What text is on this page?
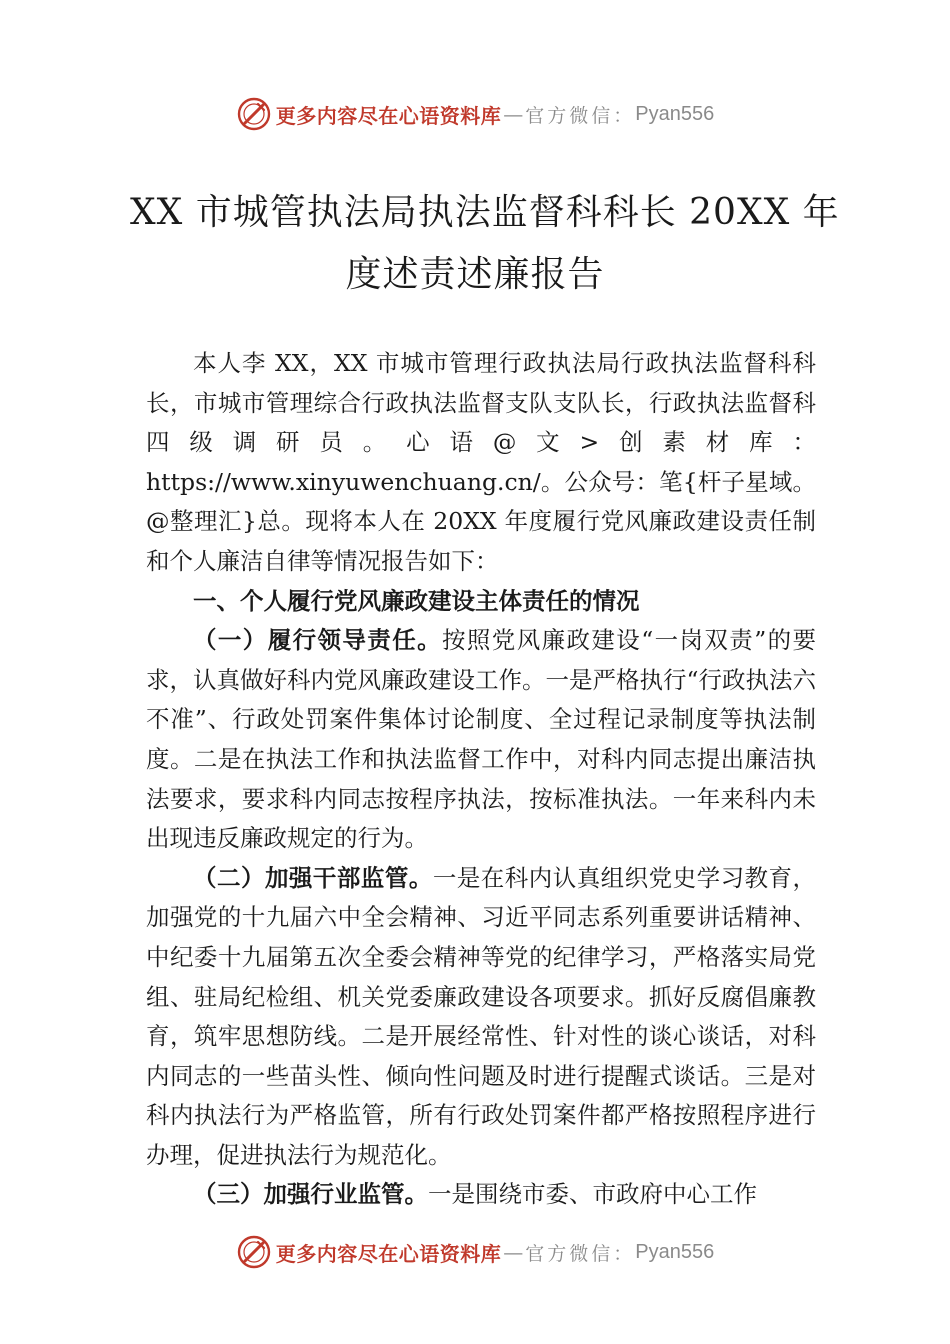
更多内容尽在心语资料库 — 官方微信： Pyan556
XX 市城管执法局执法监督科科长 20XX 年
度述责述廉报告

本人李 XX，XX 市城市管理行政执法局行政执法监督科科长，市城市管理综合行政执法监督支队支队长，行政执法监督科四级调研员。心语@文>创素材库：https://www.xinyuwenchuang.cn/。公众号：笔{杆子星域。@整理汇}总。现将本人在 20XX 年度履行党风廉政建设责任制和个人廉洁自律等情况报告如下：

一、个人履行党风廉政建设主体责任的情况

（一）履行领导责任。按照党风廉政建设“一岗双责”的要求，认真做好科内党风廉政建设工作。一是严格执行“行政执法六不准”、行政处罚案件集体讨论制度、全过程记录制度等执法制度。二是在执法工作和执法监督工作中，对科内同志提出廉洁执法要求，要求科内同志按程序执法，按标准执法。一年来科内未出现违反廉政规定的行为。

（二）加强干部监管。一是在科内认真组织党史学习教育，加强党的十九届六中全会精神、习近平同志系列重要讲话精神、中纪委十九届第五次全委会精神等党的纪律学习，严格落实局党组、驻局纪检组、机关党委廉政建设各项要求。抓好反腐倡廉教育，筑牢思想防线。二是开展经常性、针对性的谈心谈话，对科内同志的一些苗头性、倾向性问题及时进行提醒式谈话。三是对科内执法行为严格监管，所有行政处罚案件都严格按照程序进行办理，促进执法行为规范化。

（三）加强行业监管。一是围绕市委、市政府中心工作

更多内容尽在心语资料库 — 官方微信： Pyan556
